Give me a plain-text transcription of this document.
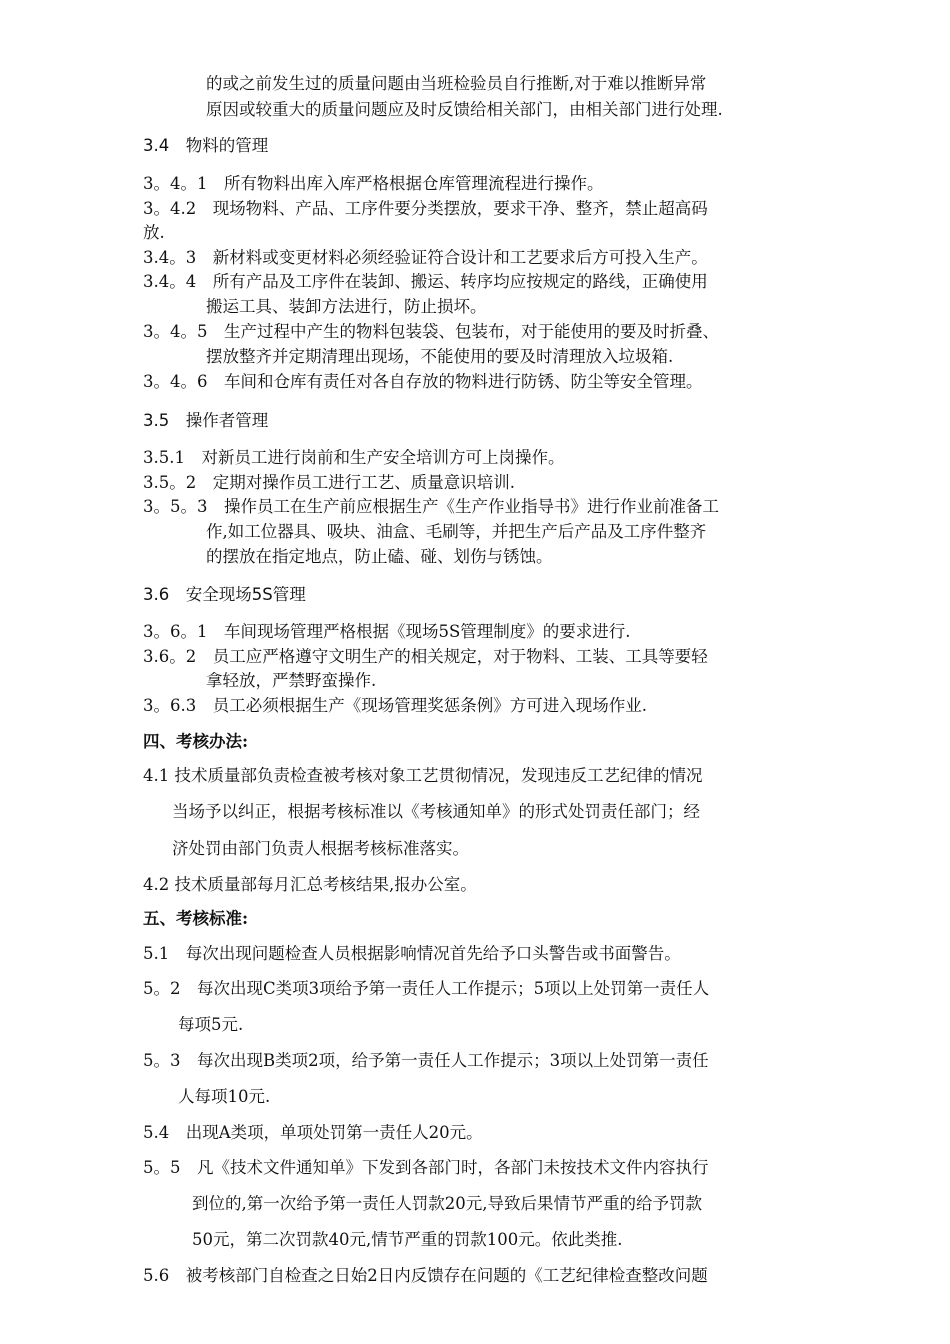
的或之前发生过的质量问题由当班检验员自行推断,对于难以推断异常
原因或较重大的质量问题应及时反馈给相关部门，由相关部门进行处理.
3.4　物料的管理
3。4。1　所有物料出库入库严格根据仓库管理流程进行操作。
3。4.2　现场物料、产品、工序件要分类摆放，要求干净、整齐，禁止超高码
放.
3.4。3　新材料或变更材料必须经验证符合设计和工艺要求后方可投入生产。
3.4。4　所有产品及工序件在装卸、搬运、转序均应按规定的路线，正确使用
搬运工具、装卸方法进行，防止损坏。
3。4。5　生产过程中产生的物料包装袋、包装布，对于能使用的要及时折叠、
摆放整齐并定期清理出现场，不能使用的要及时清理放入垃圾箱.
3。4。6　车间和仓库有责任对各自存放的物料进行防锈、防尘等安全管理。
3.5　操作者管理
3.5.1　对新员工进行岗前和生产安全培训方可上岗操作。
3.5。2　定期对操作员工进行工艺、质量意识培训.
3。5。3　操作员工在生产前应根据生产《生产作业指导书》进行作业前准备工
作,如工位器具、吸块、油盒、毛刷等，并把生产后产品及工序件整齐
的摆放在指定地点，防止磕、碰、划伤与锈蚀。
3.6　安全现场5S管理
3。6。1　车间现场管理严格根据《现场5S管理制度》的要求进行.
3.6。2　员工应严格遵守文明生产的相关规定，对于物料、工装、工具等要轻
拿轻放，严禁野蛮操作.
3。6.3　员工必须根据生产《现场管理奖惩条例》方可进入现场作业.
四、考核办法:
4.1 技术质量部负责检查被考核对象工艺贯彻情况，发现违反工艺纪律的情况
当场予以纠正，根据考核标准以《考核通知单》的形式处罚责任部门；经
济处罚由部门负责人根据考核标准落实。
4.2 技术质量部每月汇总考核结果,报办公室。
五、考核标准:
5.1　每次出现问题检查人员根据影响情况首先给予口头警告或书面警告。
5。2　每次出现C类项3项给予第一责任人工作提示；5项以上处罚第一责任人
每项5元.
5。3　每次出现B类项2项，给予第一责任人工作提示；3项以上处罚第一责任
人每项10元.
5.4　出现A类项，单项处罚第一责任人20元。
5。5　凡《技术文件通知单》下发到各部门时，各部门未按技术文件内容执行
到位的,第一次给予第一责任人罚款20元,导致后果情节严重的给予罚款
50元，第二次罚款40元,情节严重的罚款100元。依此类推.
5.6　被考核部门自检查之日始2日内反馈存在问题的《工艺纪律检查整改问题
